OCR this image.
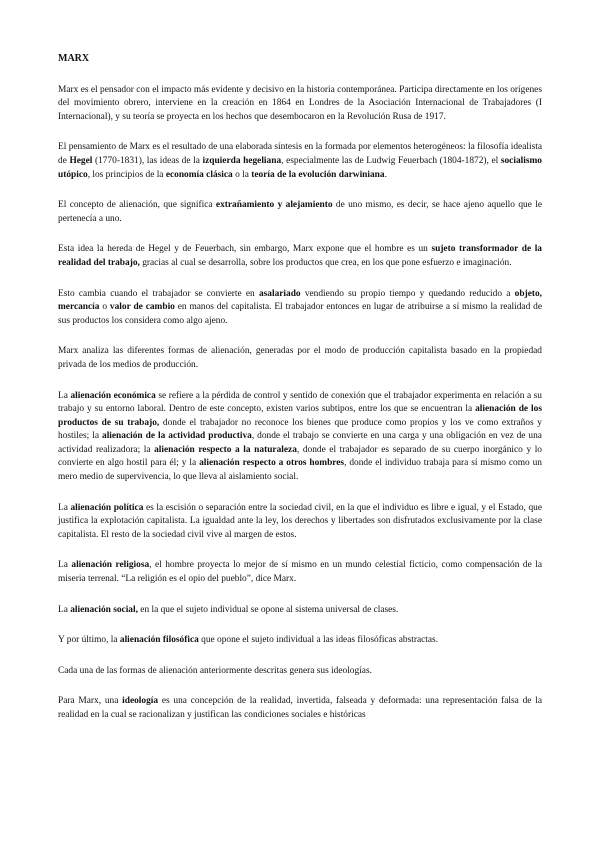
MARX

Marx es el pensador con el impacto más evidente y decisivo en la historia contemporánea. Participa directamente en los orígenes del movimiento obrero, interviene en la creación en 1864 en Londres de la Asociación Internacional de Trabajadores (I Internacional), y su teoría se proyecta en los hechos que desembocaron en la Revolución Rusa de 1917.

El pensamiento de Marx es el resultado de una elaborada síntesis en la formada por elementos heterogéneos: la filosofía idealista de Hegel (1770-1831), las ideas de la izquierda hegeliana, especialmente las de Ludwig Feuerbach (1804-1872), el socialismo utópico, los principios de la economía clásica o la teoría de la evolución darwiniana.

El concepto de alienación, que significa extrañamiento y alejamiento de uno mismo, es decir, se hace ajeno aquello que le pertenecía a uno.

Esta idea la hereda de Hegel y de Feuerbach, sin embargo, Marx expone que el hombre es un sujeto transformador de la realidad del trabajo, gracias al cual se desarrolla, sobre los productos que crea, en los que pone esfuerzo e imaginación.

Esto cambia cuando el trabajador se convierte en asalariado vendiendo su propio tiempo y quedando reducido a objeto, mercancía o valor de cambio en manos del capitalista. El trabajador entonces en lugar de atribuirse a sí mismo la realidad de sus productos los considera como algo ajeno.

Marx analiza las diferentes formas de alienación, generadas por el modo de producción capitalista basado en la propiedad privada de los medios de producción.

La alienación económica se refiere a la pérdida de control y sentido de conexión que el trabajador experimenta en relación a su trabajo y su entorno laboral. Dentro de este concepto, existen varios subtipos, entre los que se encuentran la alienación de los productos de su trabajo, donde el trabajador no reconoce los bienes que produce como propios y los ve como extraños y hostiles; la alienación de la actividad productiva, donde el trabajo se convierte en una carga y una obligación en vez de una actividad realizadora; la alienación respecto a la naturaleza, donde el trabajador es separado de su cuerpo inorgánico y lo convierte en algo hostil para él; y la alienación respecto a otros hombres, donde el individuo trabaja para sí mismo como un mero medio de supervivencia, lo que lleva al aislamiento social.

La alienación política es la escisión o separación entre la sociedad civil, en la que el individuo es libre e igual, y el Estado, que justifica la explotación capitalista. La igualdad ante la ley, los derechos y libertades son disfrutados exclusivamente por la clase capitalista. El resto de la sociedad civil vive al margen de estos.

La alienación religiosa, el hombre proyecta lo mejor de sí mismo en un mundo celestial ficticio, como compensación de la miseria terrenal. “La religión es el opio del pueblo”, dice Marx.

La alienación social, en la que el sujeto individual se opone al sistema universal de clases.

Y por último, la alienación filosófica que opone el sujeto individual a las ideas filosóficas abstractas.

Cada una de las formas de alienación anteriormente descritas genera sus ideologías.

Para Marx, una ideología es una concepción de la realidad, invertida, falseada y deformada: una representación falsa de la realidad en la cual se racionalizan y justifican las condiciones sociales e históricas
